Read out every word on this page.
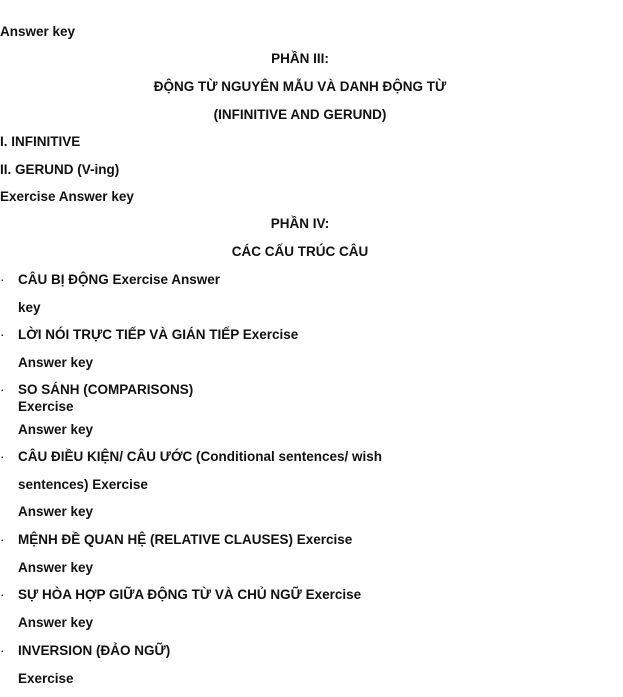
Answer key
PHẦN III:
ĐỘNG TỪ NGUYÊN MẪU VÀ DANH ĐỘNG TỪ
(INFINITIVE AND GERUND)
I. INFINITIVE
II. GERUND (V-ing)
Exercise Answer key
PHẦN IV:
CÁC CẤU TRÚC CÂU
· CÂU BỊ ĐỘNG Exercise Answer
key
· LỜI NÓI TRỰC TIẾP VÀ GIÁN TIẾP Exercise
Answer key
· SO SÁNH (COMPARISONS)
Exercise
Answer key
· CÂU ĐIỀU KIỆN/ CÂU ƯỚC (Conditional sentences/ wish
sentences) Exercise
Answer key
· MỆNH ĐỀ QUAN HỆ (RELATIVE CLAUSES) Exercise
Answer key
· SỰ HÒA HỢP GIỮA ĐỘNG TỪ VÀ CHỦ NGỮ Exercise
Answer key
· INVERSION (ĐẢO NGỮ)
Exercise
